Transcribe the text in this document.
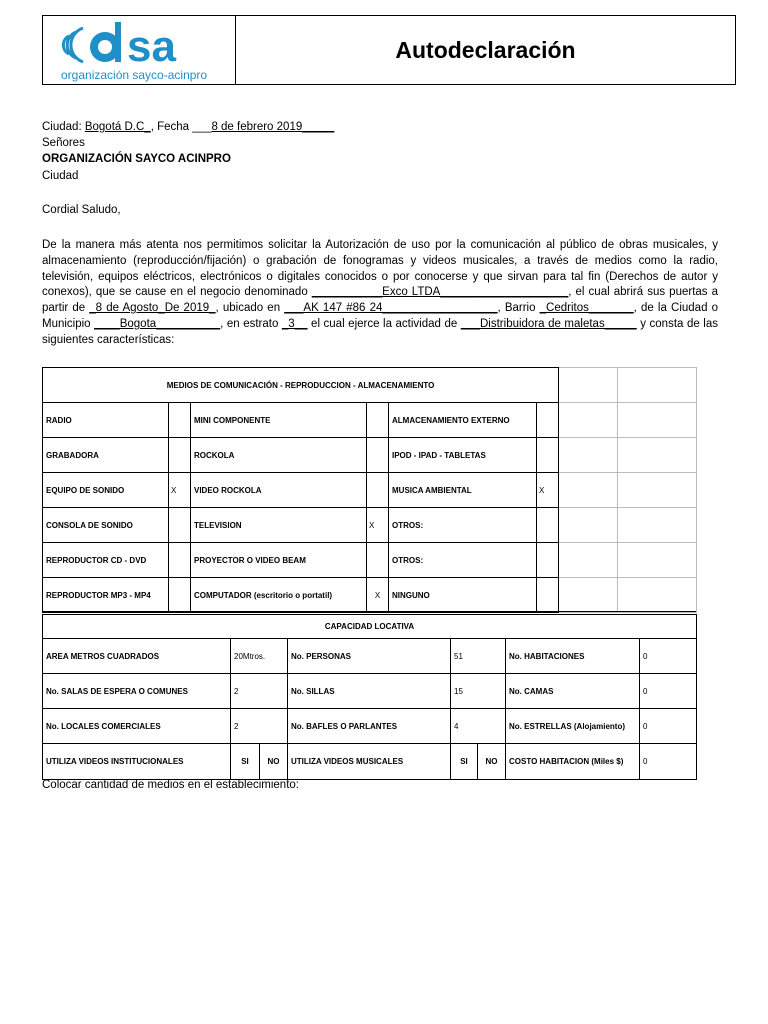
sa
organización sayco-acinpro
Autodeclaración
Ciudad: Bogotá D.C_, Fecha ___8 de febrero 2019_____
Señores
ORGANIZACIÓN SAYCO ACINPRO
Ciudad
Cordial Saludo,
De la manera más atenta nos permitimos solicitar la Autorización de uso por la comunicación al público de obras musicales, y almacenamiento (reproducción/fijación) o grabación de fonogramas y videos musicales, a través de medios como la radio, televisión, equipos eléctricos, electrónicos o digitales conocidos o por conocerse y que sirvan para tal fin (Derechos de autor y conexos), que se cause en el negocio denominado ___________Exco LTDA____________________, el cual abrirá sus puertas a partir de _8 de Agosto_De 2019_, ubicado en ___AK 147 #86 24__________________, Barrio _Cedritos_______, de la Ciudad o Municipio ____Bogota__________, en estrato _3__ el cual ejerce la actividad de ___Distribuidora de maletas_____ y consta de las siguientes características:
MEDIOS DE COMUNICACIÓN - REPRODUCCION - ALMACENAMIENTO							
RADIO		MINI COMPONENTE		ALMACENAMIENTO EXTERNO			
GRABADORA		ROCKOLA		IPOD - IPAD - TABLETAS			
EQUIPO DE SONIDO	X	VIDEO ROCKOLA		MUSICA AMBIENTAL	X		
CONSOLA DE SONIDO		TELEVISION	X	OTROS:			
REPRODUCTOR CD - DVD		PROYECTOR O VIDEO BEAM		OTROS:			
REPRODUCTOR MP3 - MP4		COMPUTADOR (escritorio o portatil)	X	NINGUNO			
CAPACIDAD LOCATIVA							
AREA METROS CUADRADOS	20Mtros.		No. PERSONAS	51		No. HABITACIONES	0
No. SALAS DE ESPERA O COMUNES	2		No. SILLAS	15		No. CAMAS	0
No. LOCALES COMERCIALES	2		No. BAFLES O PARLANTES	4		No. ESTRELLAS (Alojamiento)	0
UTILIZA VIDEOS INSTITUCIONALES	SI	NO	UTILIZA VIDEOS MUSICALES	SI	NO	COSTO HABITACION (Miles $)	0
Colocar cantidad de medios en el establecimiento:
